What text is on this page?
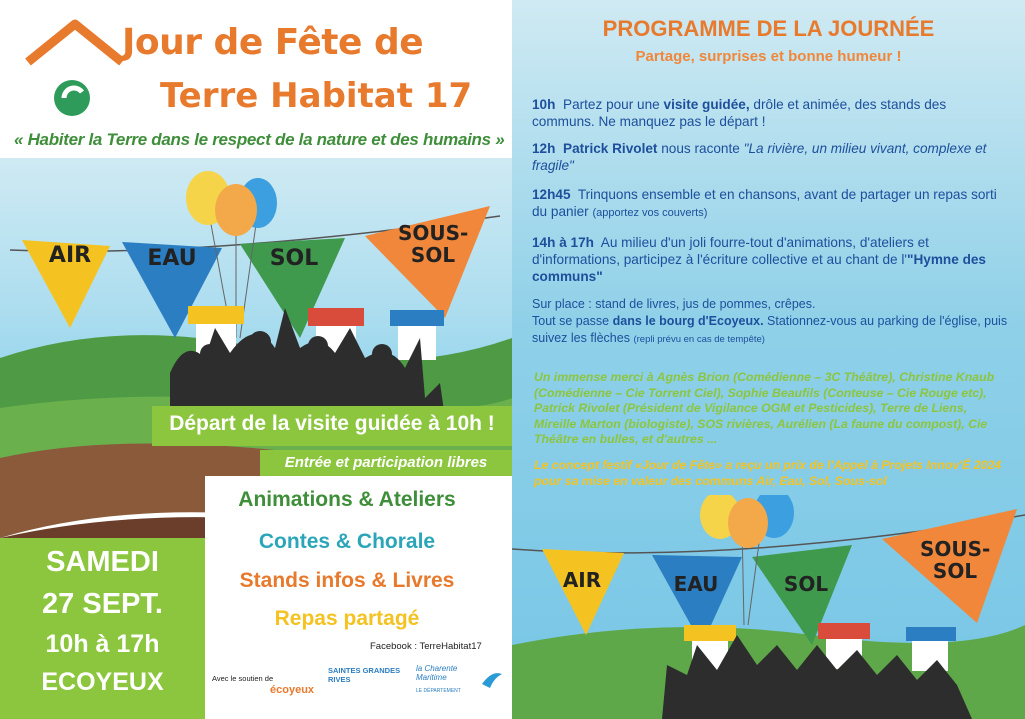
Jour de Fête de
Terre Habitat 17
« Habiter la Terre dans le respect de la nature et des humains »
AIR	EAU	SOL
SOUS-
SOL
Départ de la visite guidée à 10h !
Entrée et participation libres
Animations & Ateliers
Contes & Chorale
Stands infos & Livres
Repas partagé
Facebook : TerreHabitat17
SAMEDI
27 SEPT.
10h à 17h
ECOYEUX	Avec le soutien de
écoyeux
SAINTES GRANDES RIVES
la Charente Maritime
LE DÉPARTEMENT
PROGRAMME DE LA JOURNÉE
Partage, surprises et bonne humeur !
10h Partez pour une visite guidée, drôle et animée, des stands des communs. Ne manquez pas le départ !
12h Patrick Rivolet nous raconte "La rivière, un milieu vivant, complexe et fragile"
12h45 Trinquons ensemble et en chansons, avant de partager un repas sorti du panier (apportez vos couverts)
14h à 17h Au milieu d'un joli fourre-tout d'animations, d'ateliers et d'informations, participez à l'écriture collective et au chant de l'"Hymne des communs"
Sur place : stand de livres, jus de pommes, crêpes.
Tout se passe dans le bourg d'Ecoyeux. Stationnez-vous au parking de l'église, puis suivez les flèches (repli prévu en cas de tempête)
Un immense merci à Agnès Brion (Comédienne – 3C Théâtre), Christine Knaub (Comédienne – Cie Torrent Ciel), Sophie Beaufils (Conteuse – Cie Rouge etc), Patrick Rivolet (Président de Vigilance OGM et Pesticides), Terre de Liens, Mireille Marton (biologiste), SOS rivières, Aurélien (La faune du compost), Cie Théâtre en bulles, et d'autres ...
Le concept festif «Jour de Fête» a reçu un prix de l'Appel à Projets Innov'É 2024 pour sa mise en valeur des communs Air, Eau, Sol, Sous-sol
AIR	EAU	SOL
SOUS-
SOL
